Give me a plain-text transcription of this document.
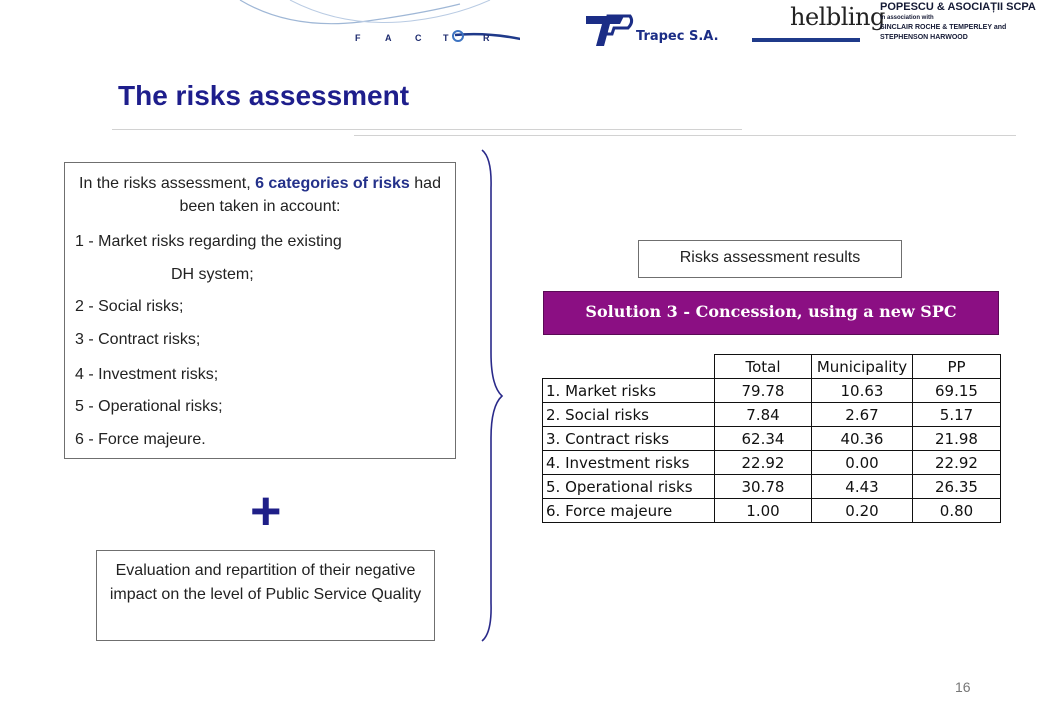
F	A	C T	R	Trapec S.A.
helbling
POPESCU & ASOCIAȚII SCPA
in association with
SINCLAIR ROCHE & TEMPERLEY and
STEPHENSON HARWOOD
The risks assessment
In the risks assessment, 6 categories of risks had been taken in account:
1 - Market risks regarding the existing
DH system;
2 - Social risks;
3 - Contract risks;
4 - Investment risks;
5 - Operational risks;
6 - Force majeure.
+
Evaluation and repartition of their negative impact on the level of Public Service Quality
Risks assessment results
Solution 3 - Concession, using a new SPC
	Total	Municipality	PP
1. Market risks	79.78	10.63	69.15
2. Social risks	7.84	2.67	5.17
3. Contract risks	62.34	40.36	21.98
4. Investment risks	22.92	0.00	22.92
5. Operational risks	30.78	4.43	26.35
6. Force majeure	1.00	0.20	0.80
16
